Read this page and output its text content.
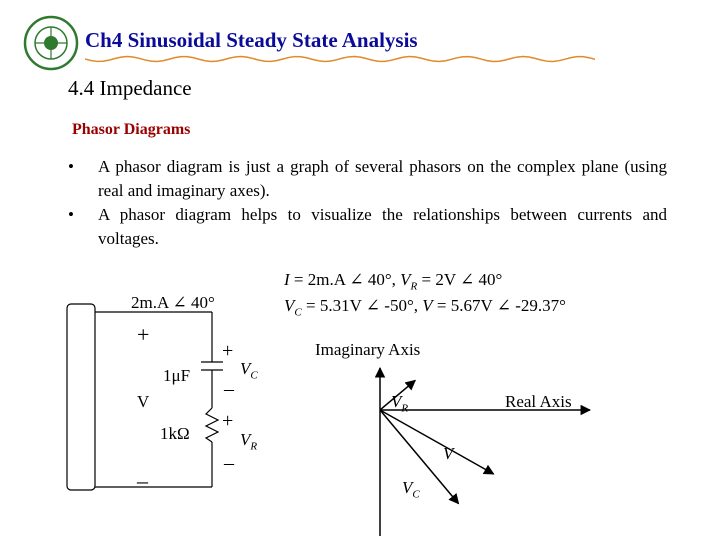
Ch4 Sinusoidal Steady State Analysis
4.4 Impedance
Phasor Diagrams
•	A phasor diagram is just a graph of several phasors on the complex plane (using real and imaginary axes).
•	A phasor diagram helps to visualize the relationships between currents and voltages.
I = 2m.A ∠ 40°, $V_R = 2V$ ∠ 40°
$V_C = 5.31V$ ∠ -50°, V = 5.67V ∠ -29.37°
2m.A ∠ 40°
+
V
–
1μF
1kΩ
+
$V_C$
–
+
$V_R$
–
Imaginary Axis
Real Axis
$V_R$
V
$V_C$
